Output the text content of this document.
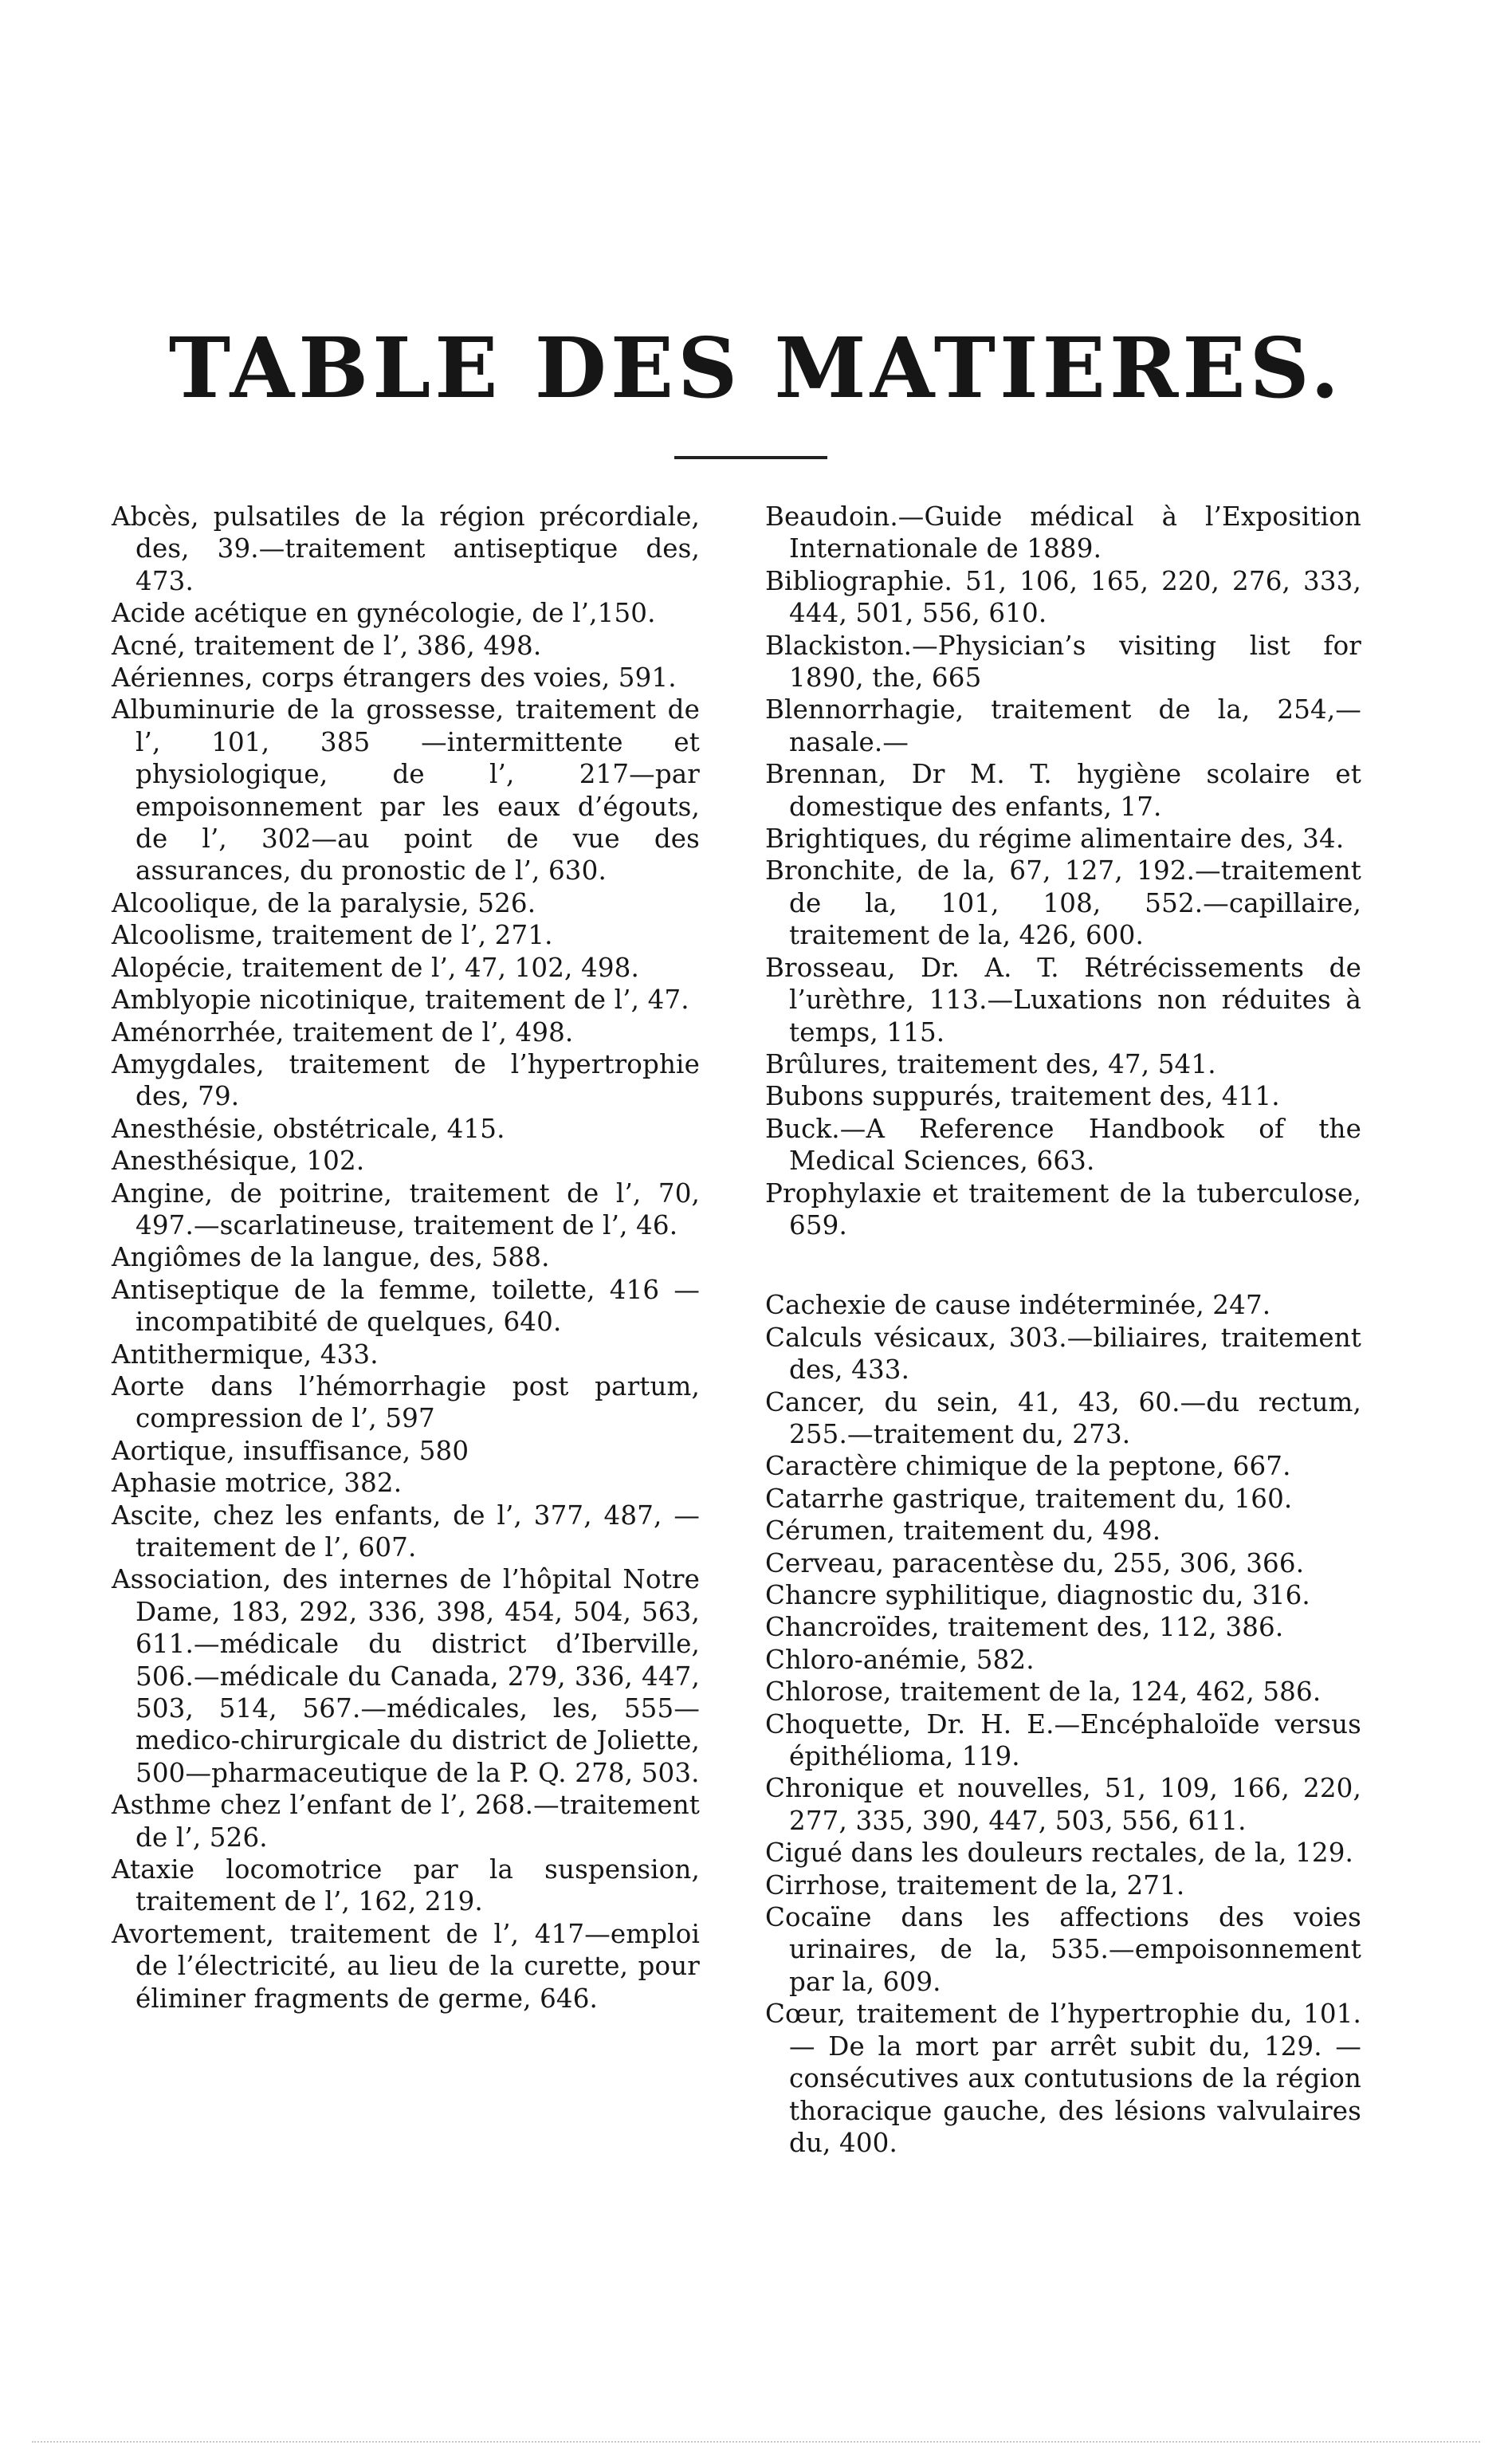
TABLE DES MATIERES.

Abcès, pulsatiles de la région précordiale, des, 39.—traitement antiseptique des, 473.

Acide acétique en gynécologie, de l’,150.

Acné, traitement de l’, 386, 498.

Aériennes, corps étrangers des voies, 591.

Albuminurie de la grossesse, traitement de l’, 101, 385 —intermittente et physiologique, de l’, 217—par empoisonnement par les eaux d’égouts, de l’, 302—au point de vue des assurances, du pronostic de l’, 630.

Alcoolique, de la paralysie, 526.

Alcoolisme, traitement de l’, 271.

Alopécie, traitement de l’, 47, 102, 498.

Amblyopie nicotinique, traitement de l’, 47.

Aménorrhée, traitement de l’, 498.

Amygdales, traitement de l’hypertrophie des, 79.

Anesthésie, obstétricale, 415.

Anesthésique, 102.

Angine, de poitrine, traitement de l’, 70, 497.—scarlatineuse, traitement de l’, 46.

Angiômes de la langue, des, 588.

Antiseptique de la femme, toilette, 416 —incompatibité de quelques, 640.

Antithermique, 433.

Aorte dans l’hémorrhagie post partum, compression de l’, 597

Aortique, insuffisance, 580

Aphasie motrice, 382.

Ascite, chez les enfants, de l’, 377, 487, —traitement de l’, 607.

Association, des internes de l’hôpital Notre Dame, 183, 292, 336, 398, 454, 504, 563, 611.—médicale du district d’Iberville, 506.—médicale du Canada, 279, 336, 447, 503, 514, 567.—médicales, les, 555—medico-chirurgicale du district de Joliette, 500—pharmaceutique de la P. Q. 278, 503.

Asthme chez l’enfant de l’, 268.—traitement de l’, 526.

Ataxie locomotrice par la suspension, traitement de l’, 162, 219.

Avortement, traitement de l’, 417—emploi de l’électricité, au lieu de la curette, pour éliminer fragments de germe, 646.

Beaudoin.—Guide médical à l’Exposition Internationale de 1889.

Bibliographie. 51, 106, 165, 220, 276, 333, 444, 501, 556, 610.

Blackiston.—Physician’s visiting list for 1890, the, 665

Blennorrhagie, traitement de la, 254,—nasale.—

Brennan, Dr M. T. hygiène scolaire et domestique des enfants, 17.

Brightiques, du régime alimentaire des, 34.

Bronchite, de la, 67, 127, 192.—traitement de la, 101, 108, 552.—capillaire, traitement de la, 426, 600.

Brosseau, Dr. A. T. Rétrécissements de l’urèthre, 113.—Luxations non réduites à temps, 115.

Brûlures, traitement des, 47, 541.

Bubons suppurés, traitement des, 411.

Buck.—A Reference Handbook of the Medical Sciences, 663.

Prophylaxie et traitement de la tuberculose, 659.

Cachexie de cause indéterminée, 247.

Calculs vésicaux, 303.—biliaires, traitement des, 433.

Cancer, du sein, 41, 43, 60.—du rectum, 255.—traitement du, 273.

Caractère chimique de la peptone, 667.

Catarrhe gastrique, traitement du, 160.

Cérumen, traitement du, 498.

Cerveau, paracentèse du, 255, 306, 366.

Chancre syphilitique, diagnostic du, 316.

Chancroïdes, traitement des, 112, 386.

Chloro-anémie, 582.

Chlorose, traitement de la, 124, 462, 586.

Choquette, Dr. H. E.—Encéphaloïde versus épithélioma, 119.

Chronique et nouvelles, 51, 109, 166, 220, 277, 335, 390, 447, 503, 556, 611.

Cigué dans les douleurs rectales, de la, 129.

Cirrhose, traitement de la, 271.

Cocaïne dans les affections des voies urinaires, de la, 535.—empoisonnement par la, 609.

Cœur, traitement de l’hypertrophie du, 101. — De la mort par arrêt subit du, 129. — consécutives aux contutusions de la région thoracique gauche, des lésions valvulaires du, 400.
